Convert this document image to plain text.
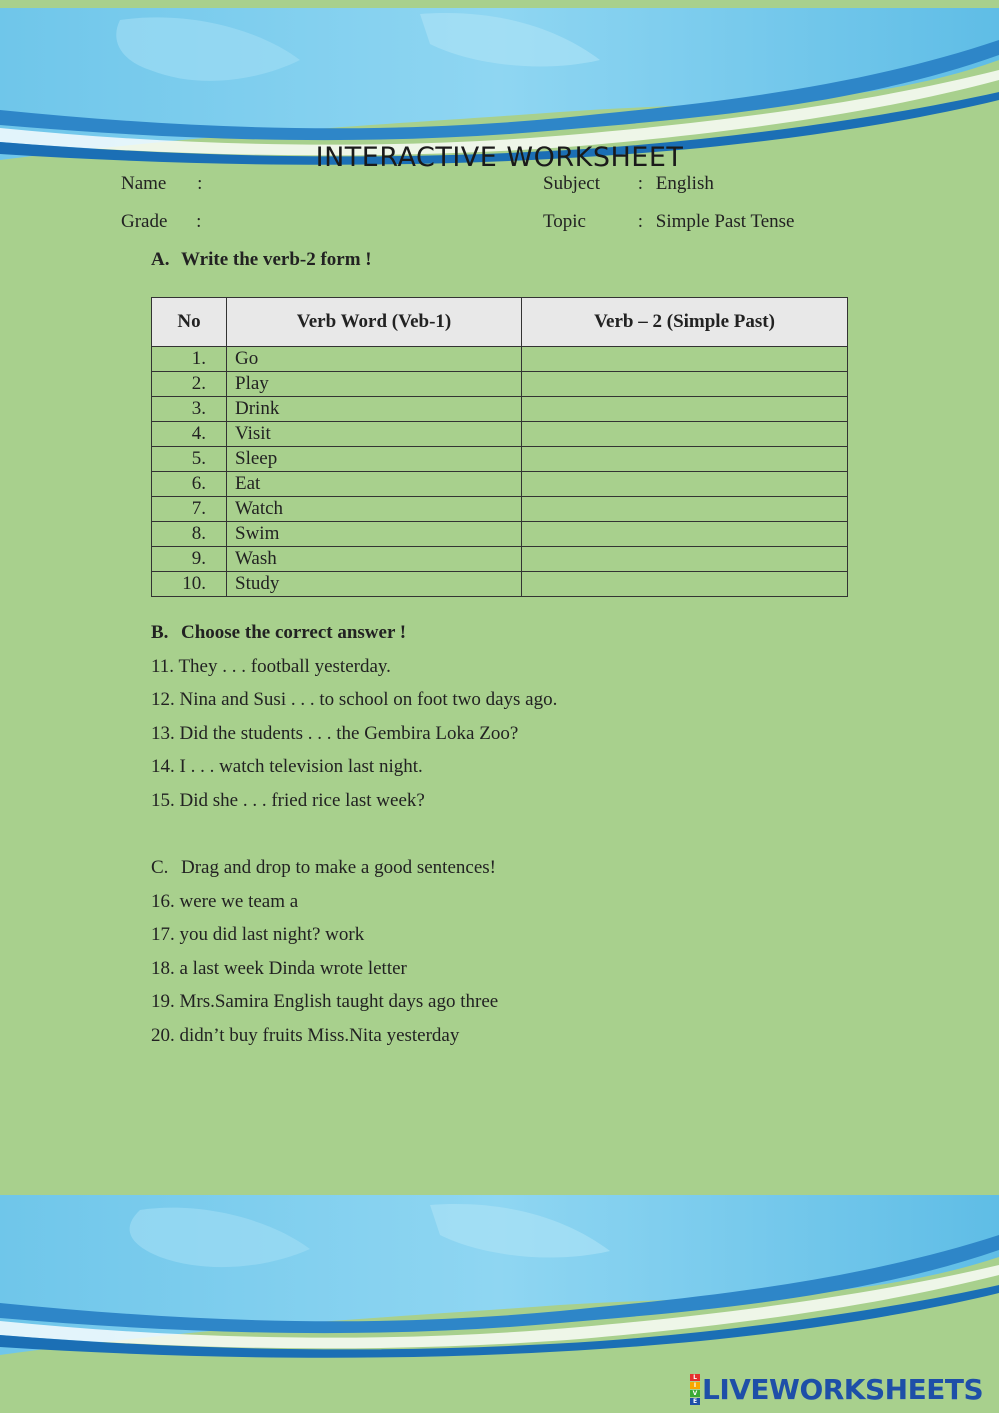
INTERACTIVE WORKSHEET
Name :
Grade :
Subject : English
Topic	: Simple Past Tense
A. Write the verb-2 form !
No	Verb Word (Veb-1)	Verb – 2 (Simple Past)
1.	Go	
2.	Play	
3.	Drink	
4.	Visit	
5.	Sleep	
6.	Eat	
7.	Watch	
8.	Swim	
9.	Wash	
10.	Study	
B. Choose the correct answer !
11. They . . . football yesterday.
12. Nina and Susi . . . to school on foot two days ago.
13. Did the students . . . the Gembira Loka Zoo?
14. I . . . watch television last night.
15. Did she . . . fried rice last week?
C. Drag and drop to make a good sentences!
16. were we team a
17. you did last night? work
18. a last week Dinda wrote letter
19. Mrs.Samira English taught days ago three
20. didn’t buy fruits Miss.Nita yesterday
L
I
V
E LIVEWORKSHEETS
